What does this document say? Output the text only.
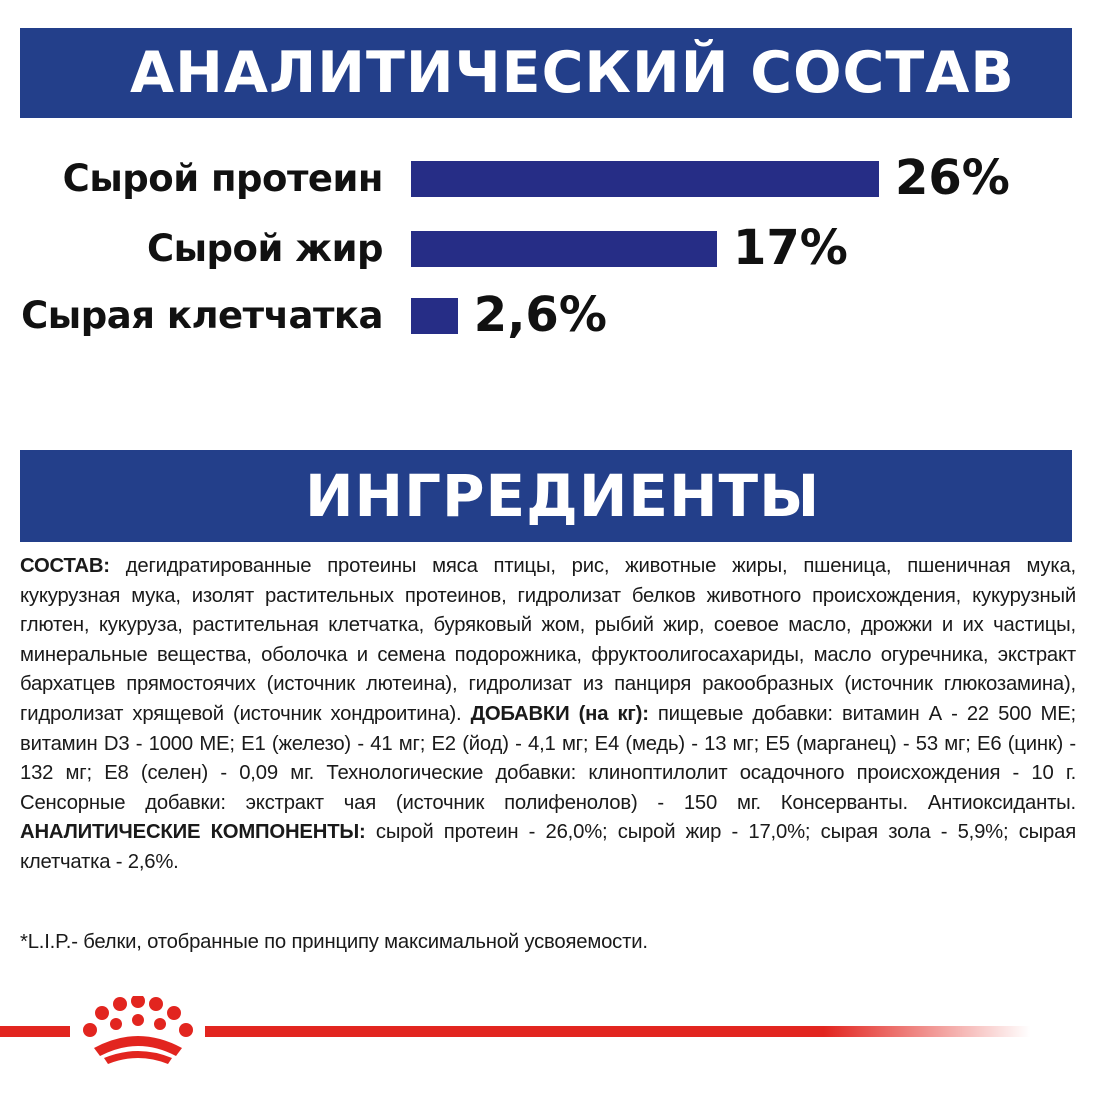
АНАЛИТИЧЕСКИЙ СОСТАВ
Сырой протеин	26%
Сырой жир	17%
Сырая клетчатка 2,6%
ИНГРЕДИЕНТЫ
СОСТАВ: дегидратированные протеины мяса птицы, рис, животные жиры, пшеница, пшеничная мука, кукурузная мука, изолят растительных протеинов, гидролизат белков животного происхождения, кукурузный глютен, кукуруза, растительная клетчатка, буряковый жом, рыбий жир, соевое масло, дрожжи и их частицы, минеральные вещества, оболочка и семена подорожника, фруктоолигосахариды, масло огуречника, экстракт бархатцев прямостоячих (источник лютеина), гидролизат из панциря ракообразных (источник глюкозамина), гидролизат хрящевой (источник хондроитина). ДОБАВКИ (на кг): пищевые добавки: витамин А - 22 500 МЕ; витамин D3 - 1000 МЕ; Е1 (железо) - 41 мг; Е2 (йод) - 4,1 мг; Е4 (медь) - 13 мг; Е5 (марганец) - 53 мг; Е6 (цинк) - 132 мг; Е8 (селен) - 0,09 мг. Технологические добавки: клиноптилолит осадочного происхождения - 10 г. Сенсорные добавки: экстракт чая (источник полифенолов) - 150 мг. Консерванты. Антиоксиданты. АНАЛИТИЧЕСКИЕ КОМПОНЕНТЫ: сырой протеин - 26,0%; сырой жир - 17,0%; сырая зола - 5,9%; сырая клетчатка - 2,6%.
*L.I.P.- белки, отобранные по принципу максимальной усвояемости.
